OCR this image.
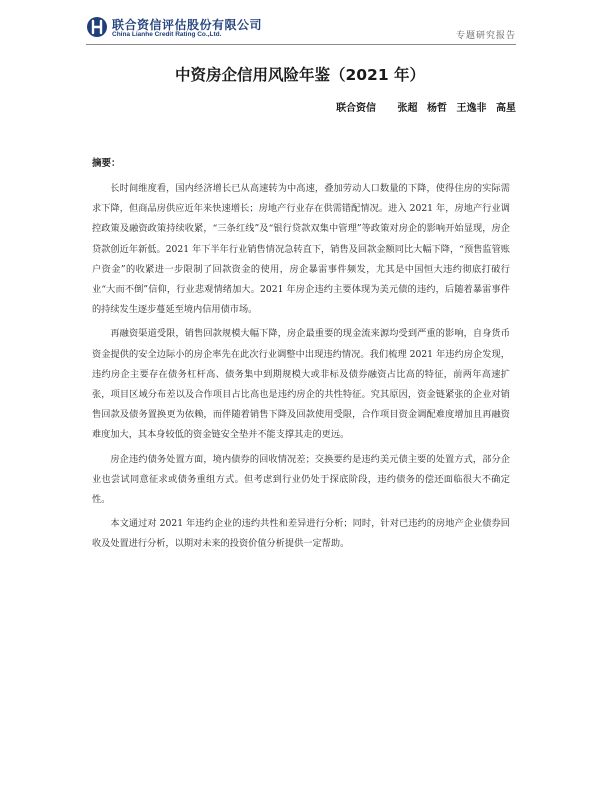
联合资信评估股份有限公司
China Lianhe Credit Rating Co.,Ltd.	专题研究报告
中资房企信用风险年鉴（2021 年）
联合资信 张超 杨哲 王逸非 高星
摘要：

长时间维度看，国内经济增长已从高速转为中高速，叠加劳动人口数量的下降，使得住房的实际需求下降，但商品房供应近年来快速增长；房地产行业存在供需错配情况。进入 2021 年，房地产行业调控政策及融资政策持续收紧，“三条红线”及“银行贷款双集中管理”等政策对房企的影响开始显现，房企贷款创近年新低。2021 年下半年行业销售情况急转直下，销售及回款金额同比大幅下降，“预售监管账户资金”的收紧进一步限制了回款资金的使用，房企暴雷事件频发，尤其是中国恒大违约彻底打破行业“大而不倒”信仰，行业悲观情绪加大。2021 年房企违约主要体现为美元债的违约，后随着暴雷事件的持续发生逐步蔓延至境内信用债市场。

再融资渠道受限，销售回款规模大幅下降，房企最重要的现金流来源均受到严重的影响，自身货币资金提供的安全边际小的房企率先在此次行业调整中出现违约情况。我们梳理 2021 年违约房企发现，违约房企主要存在债务杠杆高、债务集中到期规模大或非标及债券融资占比高的特征，前两年高速扩张，项目区域分布差以及合作项目占比高也是违约房企的共性特征。究其原因，资金链紧张的企业对销售回款及债务置换更为依赖，而伴随着销售下降及回款使用受限，合作项目资金调配难度增加且再融资难度加大，其本身较低的资金链安全垫并不能支撑其走的更远。

房企违约债务处置方面，境内债券的回收情况差；交换要约是违约美元债主要的处置方式，部分企业也尝试同意征求或债务重组方式。但考虑到行业仍处于探底阶段，违约债务的偿还面临很大不确定性。

本文通过对 2021 年违约企业的违约共性和差异进行分析；同时，针对已违约的房地产企业债券回收及处置进行分析，以期对未来的投资价值分析提供一定帮助。
